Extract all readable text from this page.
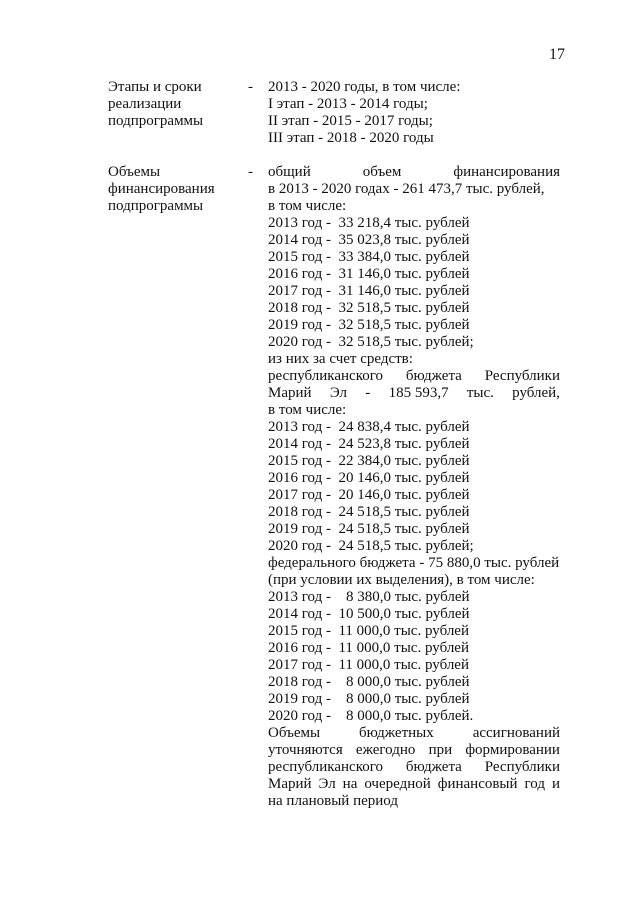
17
Этапы и сроки
реализации
подпрограммы
- 2013 - 2020 годы, в том числе:
I этап - 2013 - 2014 годы;
II этап - 2015 - 2017 годы;
III этап - 2018 - 2020 годы
Объемы
финансирования
подпрограммы
- общий	объем	финансирования
в 2013 - 2020 годах - 261 473,7 тыс. рублей,
в том числе:
2013 год -  33 218,4 тыс. рублей
2014 год -  35 023,8 тыс. рублей
2015 год -  33 384,0 тыс. рублей
2016 год -  31 146,0 тыс. рублей
2017 год -  31 146,0 тыс. рублей
2018 год -  32 518,5 тыс. рублей
2019 год -  32 518,5 тыс. рублей
2020 год -  32 518,5 тыс. рублей;
из них за счет средств:
республиканского бюджета Республики
Марий Эл - 185 593,7 тыс. рублей,
в том числе:
2013 год -  24 838,4 тыс. рублей
2014 год -  24 523,8 тыс. рублей
2015 год -  22 384,0 тыс. рублей
2016 год -  20 146,0 тыс. рублей
2017 год -  20 146,0 тыс. рублей
2018 год -  24 518,5 тыс. рублей
2019 год -  24 518,5 тыс. рублей
2020 год -  24 518,5 тыс. рублей;
федерального бюджета - 75 880,0 тыс. рублей
(при условии их выделения), в том числе:
2013 год -    8 380,0 тыс. рублей
2014 год -  10 500,0 тыс. рублей
2015 год -  11 000,0 тыс. рублей
2016 год -  11 000,0 тыс. рублей
2017 год -  11 000,0 тыс. рублей
2018 год -    8 000,0 тыс. рублей
2019 год -    8 000,0 тыс. рублей
2020 год -    8 000,0 тыс. рублей.
Объемы	бюджетных	ассигнований
уточняются ежегодно при формировании
республиканского бюджета Республики
Марий Эл на очередной финансовый год и
на плановый период
